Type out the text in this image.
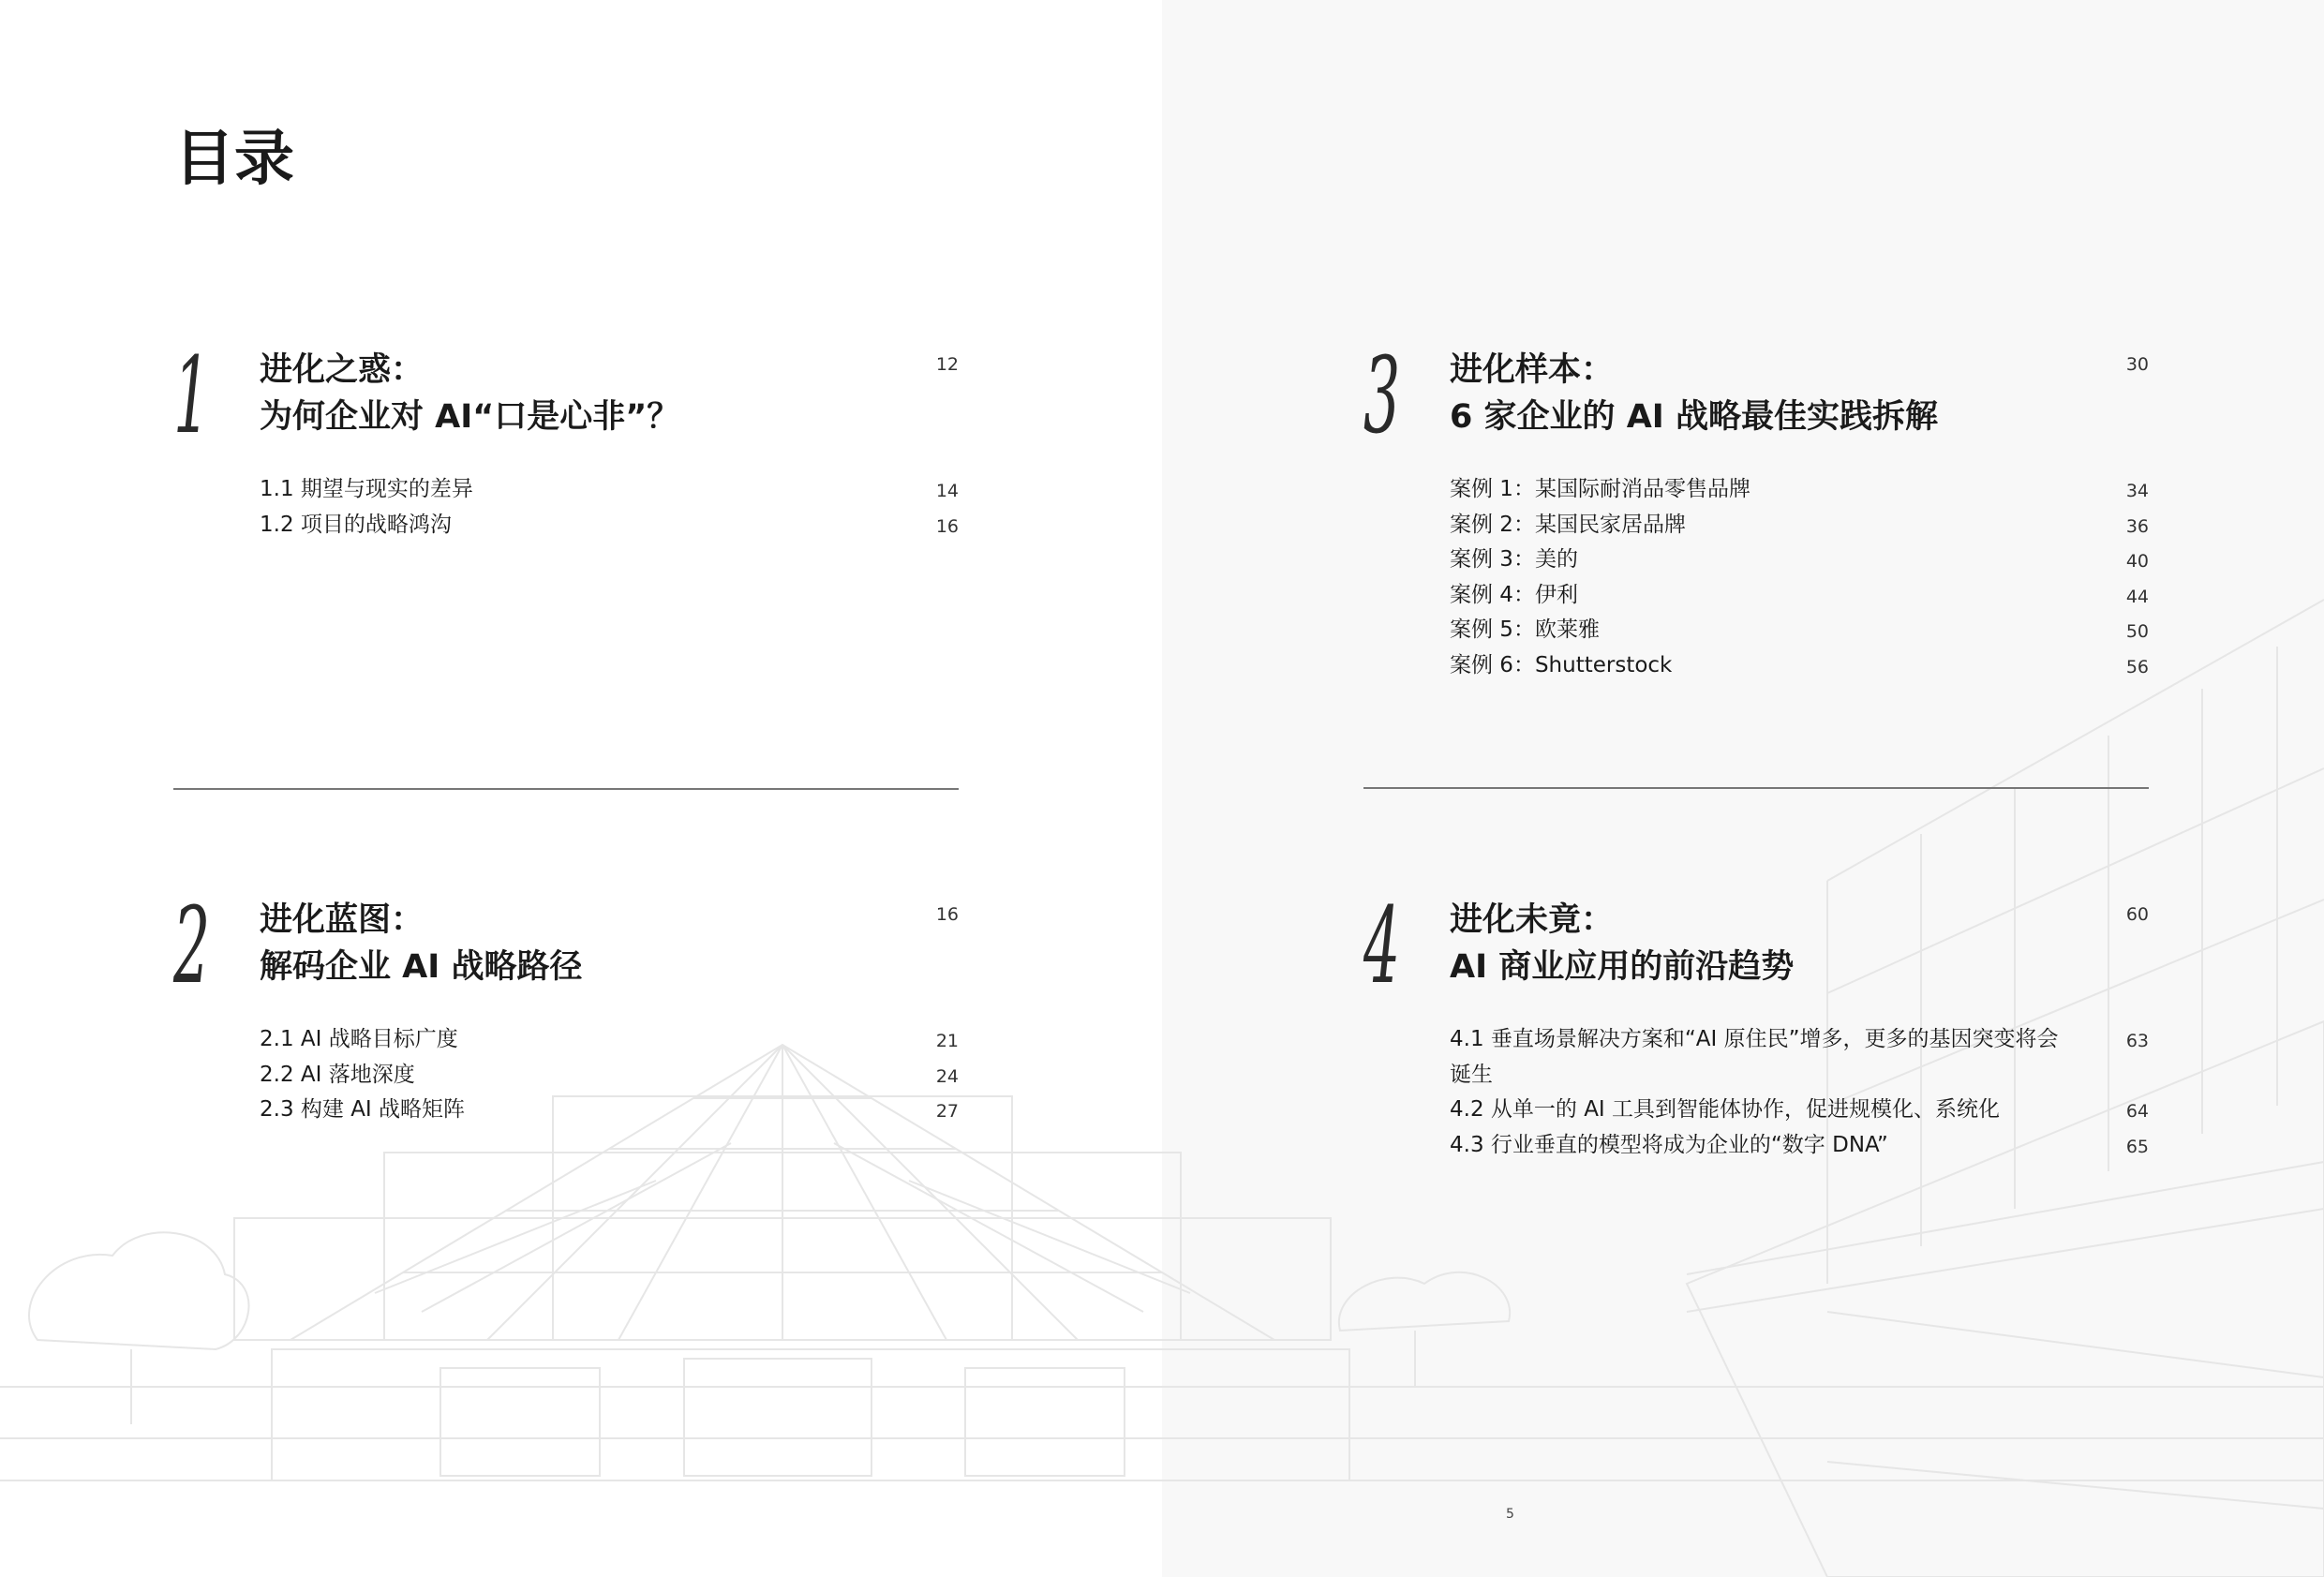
目录
1 进化之惑：
为何企业对 AI“口是心非”？
12
1.1 期望与现实的差异	14
1.2 项目的战略鸿沟	16
2 进化蓝图：
解码企业 AI 战略路径
16
2.1 AI 战略目标广度	21
2.2 AI 落地深度	24
2.3 构建 AI 战略矩阵	27
3 进化样本：
6 家企业的 AI 战略最佳实践拆解
30
案例 1：某国际耐消品零售品牌	34
案例 2：某国民家居品牌	36
案例 3：美的	40
案例 4：伊利	44
案例 5：欧莱雅	50
案例 6：Shutterstock	56
4 进化未竟：
AI 商业应用的前沿趋势
60
4.1 垂直场景解决方案和“AI 原住民”增多，更多的基因突变将会诞生
63
4.2 从单一的 AI 工具到智能体协作，促进规模化、系统化	64
4.3 行业垂直的模型将成为企业的“数字 DNA”	65
5
